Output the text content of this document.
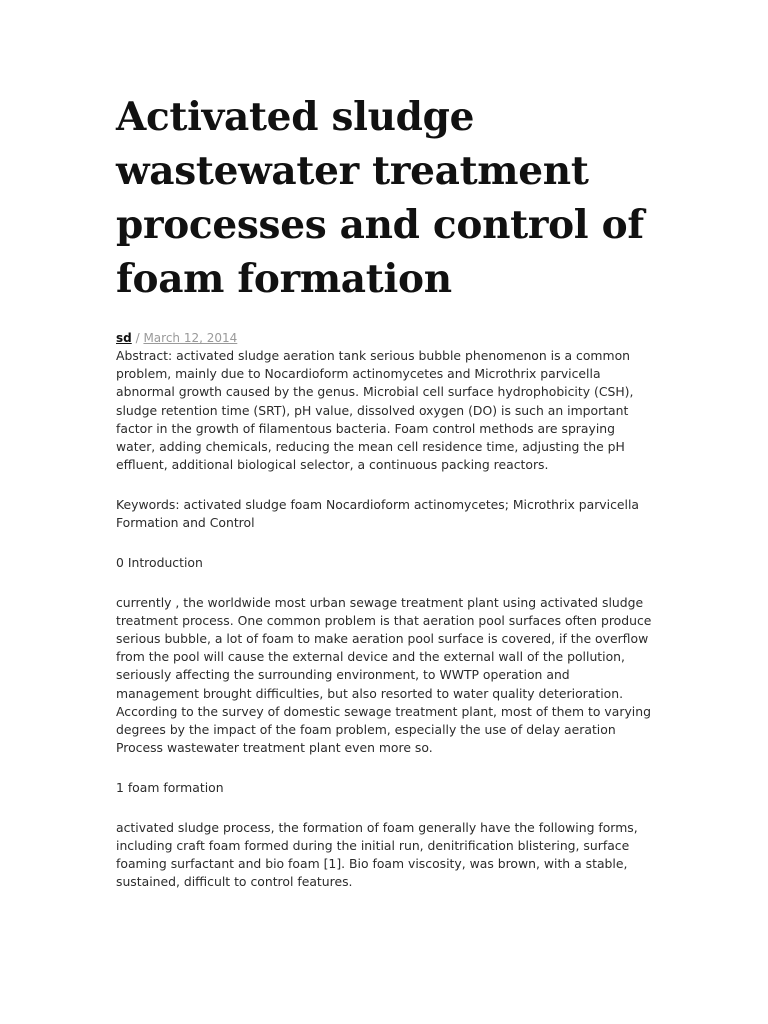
Activated sludge wastewater treatment processes and control of foam formation
sd / March 12, 2014

Abstract: activated sludge aeration tank serious bubble phenomenon is a common problem, mainly due to Nocardioform actinomycetes and Microthrix parvicella abnormal growth caused by the genus. Microbial cell surface hydrophobicity (CSH), sludge retention time (SRT), pH value, dissolved oxygen (DO) is such an important factor in the growth of filamentous bacteria. Foam control methods are spraying water, adding chemicals, reducing the mean cell residence time, adjusting the pH effluent, additional biological selector, a continuous packing reactors.

Keywords: activated sludge foam Nocardioform actinomycetes; Microthrix parvicella Formation and Control

0 Introduction

currently , the worldwide most urban sewage treatment plant using activated sludge treatment process. One common problem is that aeration pool surfaces often produce serious bubble, a lot of foam to make aeration pool surface is covered, if the overflow from the pool will cause the external device and the external wall of the pollution, seriously affecting the surrounding environment, to WWTP operation and management brought difficulties, but also resorted to water quality deterioration. According to the survey of domestic sewage treatment plant, most of them to varying degrees by the impact of the foam problem, especially the use of delay aeration Process wastewater treatment plant even more so.

1 foam formation

activated sludge process, the formation of foam generally have the following forms, including craft foam formed during the initial run, denitrification blistering, surface foaming surfactant and bio foam [1]. Bio foam viscosity, was brown, with a stable, sustained, difficult to control features.
